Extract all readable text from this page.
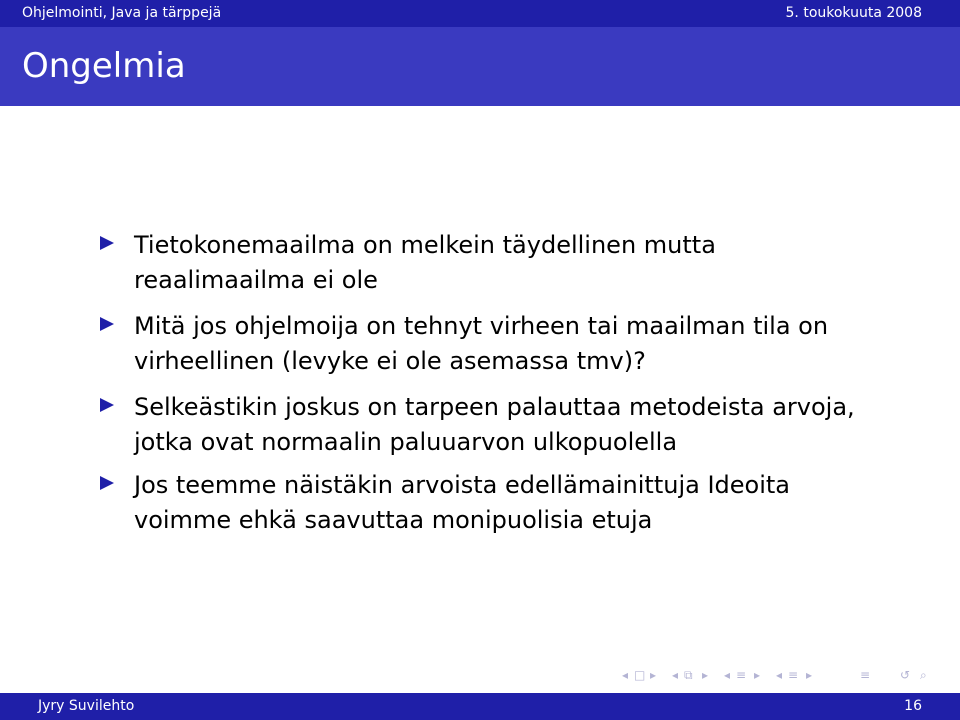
Ohjelmointi, Java ja tärppejä	5. toukokuuta 2008
Ongelmia
Tietokonemaailma on melkein täydellinen mutta reaalimaailma ei ole
Mitä jos ohjelmoija on tehnyt virheen tai maailman tila on virheellinen (levyke ei ole asemassa tmv)?
Selkeästikin joskus on tarpeen palauttaa metodeista arvoja, jotka ovat normaalin paluuarvon ulkopuolella
Jos teemme näistäkin arvoista edellämainittuja Ideoita voimme ehkä saavuttaa monipuolisia etuja
◂ □ ▸ ◂ ⧉ ▸ ◂ ≡ ▸ ◂ ≡ ▸	≡ ↺ ⌕
Jyry Suvilehto	16
